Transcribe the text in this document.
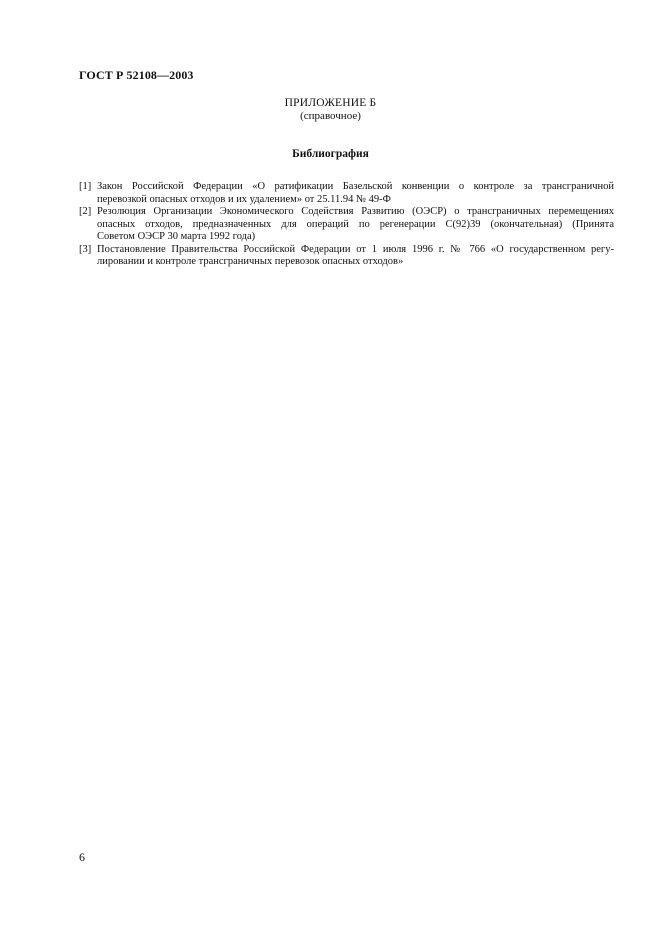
ГОСТ Р 52108—2003
ПРИЛОЖЕНИЕ Б
(справочное)
Библиография
[1] Закон Российской Федерации «О ратификации Базельской конвенции о контроле за трансграничной
перевозкой опасных отходов и их удалением» от 25.11.94 № 49-Ф
[2] Резолюция Организации Экономического Содействия Развитию (ОЭСР) о трансграничных перемещениях
опасных отходов, предназначенных для операций по регенерации С(92)39 (окончательная) (Принята
Советом ОЭСР 30 марта 1992 года)
[3] Постановление Правительства Российской Федерации от 1 июля 1996 г. № 766 «О государственном регу-
лировании и контроле трансграничных перевозок опасных отходов»
6
